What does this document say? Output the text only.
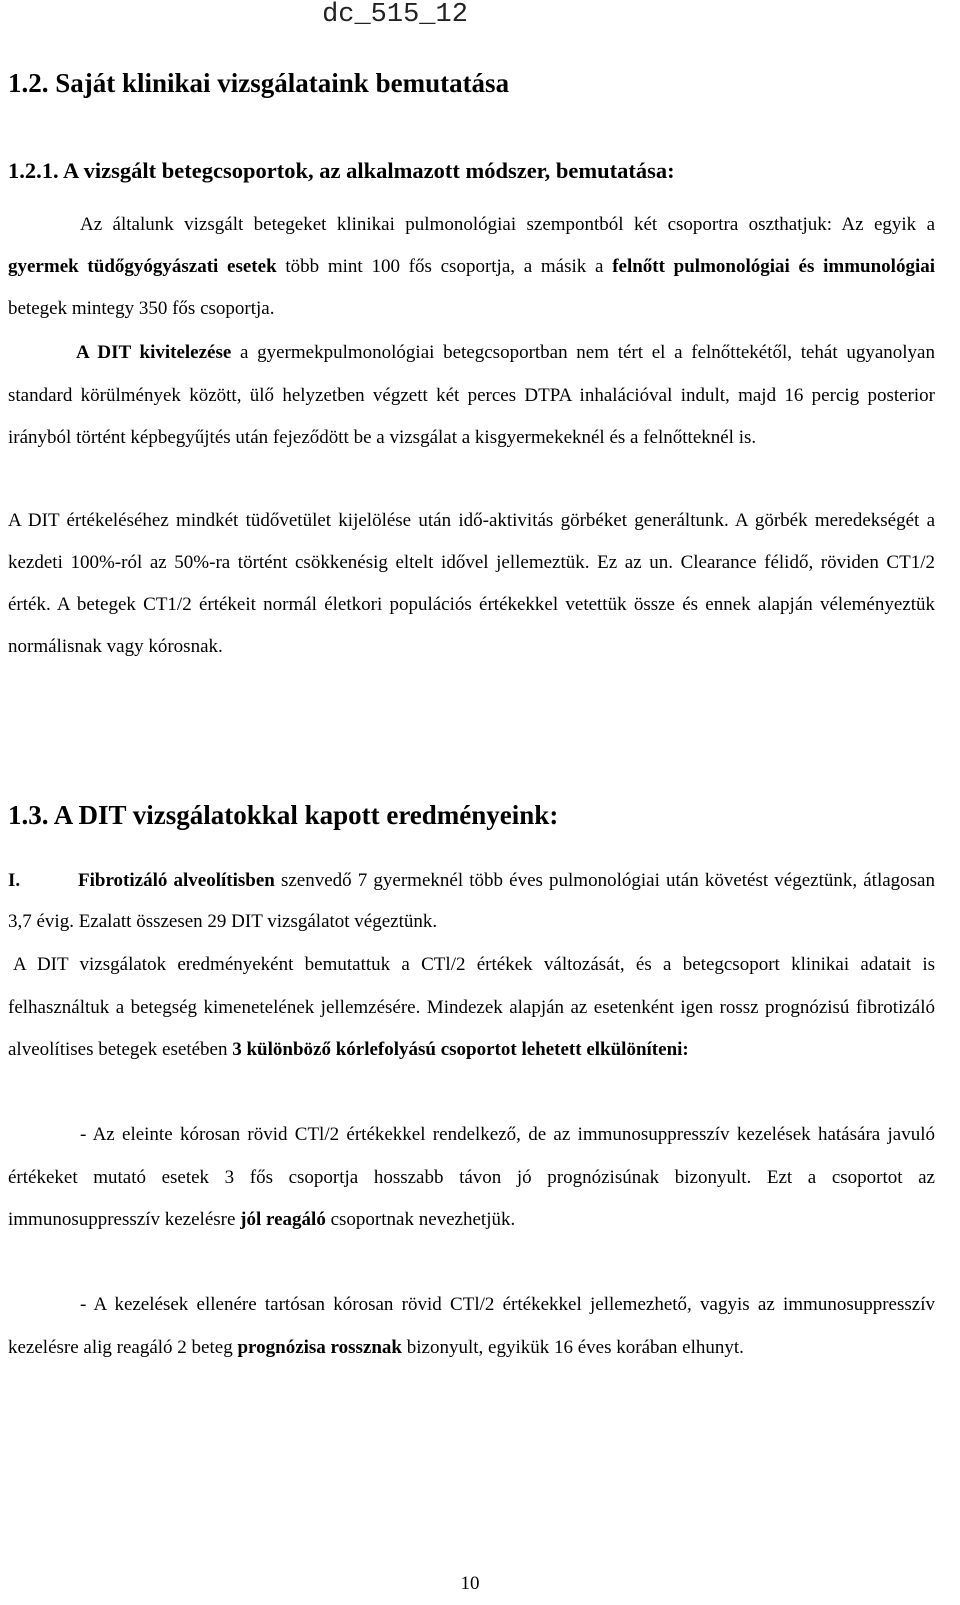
dc_515_12
1.2. Saját klinikai vizsgálataink bemutatása
1.2.1. A vizsgált betegcsoportok, az alkalmazott módszer, bemutatása:
Az általunk vizsgált betegeket klinikai pulmonológiai szempontból két csoportra oszthatjuk: Az egyik a gyermek tüdőgyógyászati esetek több mint 100 fős csoportja, a másik a felnőtt pulmonológiai és immunológiai betegek mintegy 350 fős csoportja.
A DIT kivitelezése a gyermekpulmonológiai betegcsoportban nem tért el a felnőttekétől, tehát ugyanolyan standard körülmények között, ülő helyzetben végzett két perces DTPA inhalációval indult, majd 16 percig posterior irányból történt képbegyűjtés után fejeződött be a vizsgálat a kisgyermekeknél és a felnőtteknél is.
A DIT értékeléséhez mindkét tüdővetület kijelölése után idő-aktivitás görbéket generáltunk. A görbék meredekségét a kezdeti 100%-ról az 50%-ra történt csökkenésig eltelt idővel jellemeztük. Ez az un. Clearance félidő, röviden CT1/2 érték. A betegek CT1/2 értékeit normál életkori populációs értékekkel vetettük össze és ennek alapján véleményeztük normálisnak vagy kórosnak.
1.3. A DIT vizsgálatokkal kapott eredményeink:
I.	Fibrotizáló alveolítisben szenvedő 7 gyermeknél több éves pulmonológiai után követést végeztünk, átlagosan 3,7 évig. Ezalatt összesen 29 DIT vizsgálatot végeztünk.
A DIT vizsgálatok eredményeként bemutattuk a CTl/2 értékek változását, és a betegcsoport klinikai adatait is felhasználtuk a betegség kimenetelének jellemzésére. Mindezek alapján az esetenként igen rossz prognózisú fibrotizáló alveolítises betegek esetében 3 különböző kórlefolyású csoportot lehetett elkülöníteni:
- Az eleinte kórosan rövid CTl/2 értékekkel rendelkező, de az immunosuppresszív kezelések hatására javuló értékeket mutató esetek 3 fős csoportja hosszabb távon jó prognózisúnak bizonyult. Ezt a csoportot az immunosuppresszív kezelésre jól reagáló csoportnak nevezhetjük.
- A kezelések ellenére tartósan kórosan rövid CTl/2 értékekkel jellemezhető, vagyis az immunosuppresszív kezelésre alig reagáló 2 beteg prognózisa rossznak bizonyult, egyikük 16 éves korában elhunyt.
10
